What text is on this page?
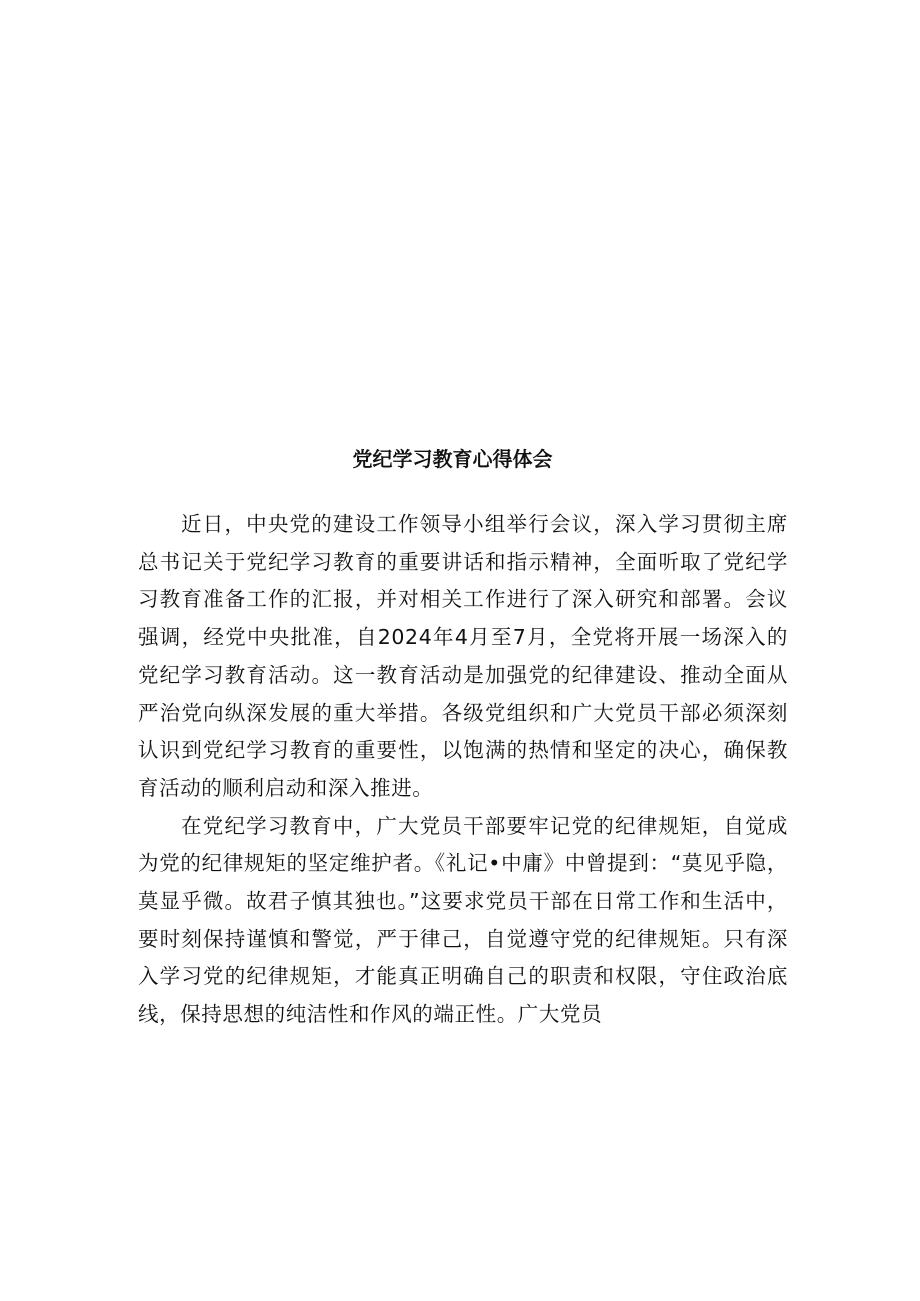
党纪学习教育心得体会

近日，中央党的建设工作领导小组举行会议，深入学习贯彻主席总书记关于党纪学习教育的重要讲话和指示精神，全面听取了党纪学习教育准备工作的汇报，并对相关工作进行了深入研究和部署。会议强调，经党中央批准，自2024年4月至7月，全党将开展一场深入的党纪学习教育活动。这一教育活动是加强党的纪律建设、推动全面从严治党向纵深发展的重大举措。各级党组织和广大党员干部必须深刻认识到党纪学习教育的重要性，以饱满的热情和坚定的决心，确保教育活动的顺利启动和深入推进。

在党纪学习教育中，广大党员干部要牢记党的纪律规矩，自觉成为党的纪律规矩的坚定维护者。《礼记•中庸》中曾提到：“莫见乎隐，莫显乎微。故君子慎其独也。”这要求党员干部在日常工作和生活中，要时刻保持谨慎和警觉，严于律己，自觉遵守党的纪律规矩。只有深入学习党的纪律规矩，才能真正明确自己的职责和权限，守住政治底线，保持思想的纯洁性和作风的端正性。广大党员
